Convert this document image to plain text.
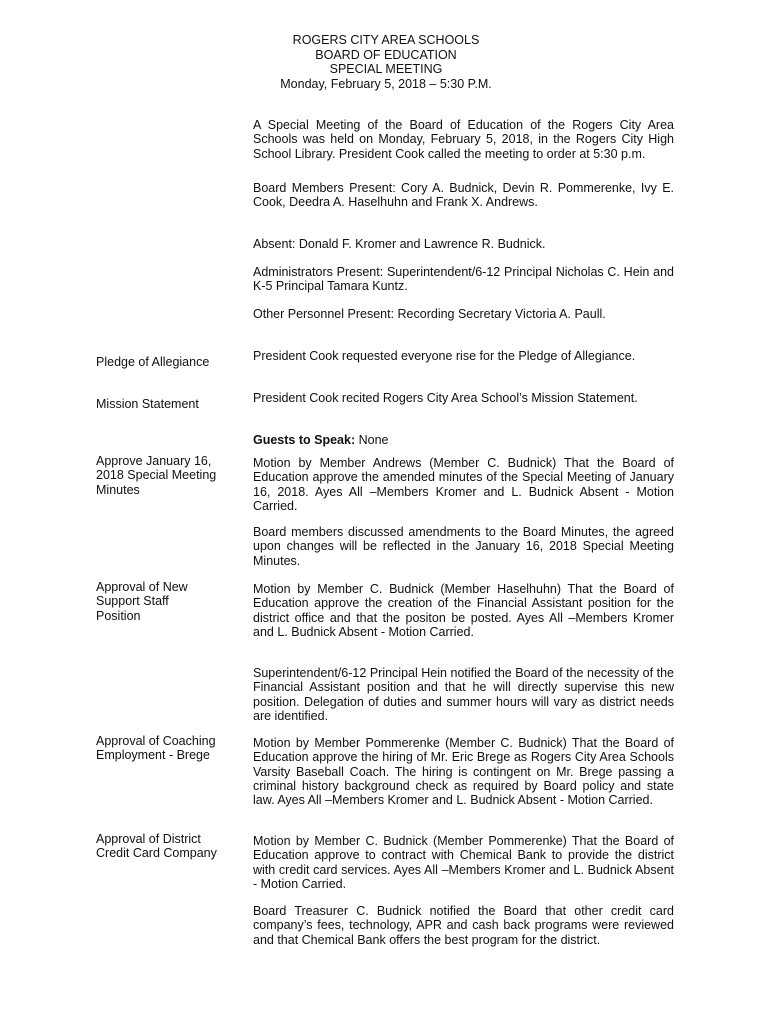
ROGERS CITY AREA SCHOOLS
BOARD OF EDUCATION
SPECIAL MEETING
Monday, February 5, 2018 – 5:30 P.M.
A Special Meeting of the Board of Education of the Rogers City Area Schools was held on Monday, February 5, 2018, in the Rogers City High School Library. President Cook called the meeting to order at 5:30 p.m.
Board Members Present: Cory A. Budnick, Devin R. Pommerenke, Ivy E. Cook, Deedra A. Haselhuhn and Frank X. Andrews.
Absent: Donald F. Kromer and Lawrence R. Budnick.
Administrators Present: Superintendent/6-12 Principal Nicholas C. Hein and K-5 Principal Tamara Kuntz.
Other Personnel Present: Recording Secretary Victoria A. Paull.
Pledge of Allegiance	President Cook requested everyone rise for the Pledge of Allegiance.
Mission Statement	President Cook recited Rogers City Area School’s Mission Statement.
Guests to Speak: None
Approve January 16, 2018 Special Meeting Minutes
Motion by Member Andrews (Member C. Budnick) That the Board of Education approve the amended minutes of the Special Meeting of January 16, 2018. Ayes All –Members Kromer and L. Budnick Absent - Motion Carried.
Board members discussed amendments to the Board Minutes, the agreed upon changes will be reflected in the January 16, 2018 Special Meeting Minutes.
Approval of New Support Staff Position
Motion by Member C. Budnick (Member Haselhuhn) That the Board of Education approve the creation of the Financial Assistant position for the district office and that the positon be posted. Ayes All –Members Kromer and L. Budnick Absent - Motion Carried.
Superintendent/6-12 Principal Hein notified the Board of the necessity of the Financial Assistant position and that he will directly supervise this new position. Delegation of duties and summer hours will vary as district needs are identified.
Approval of Coaching Employment - Brege
Motion by Member Pommerenke (Member C. Budnick) That the Board of Education approve the hiring of Mr. Eric Brege as Rogers City Area Schools Varsity Baseball Coach. The hiring is contingent on Mr. Brege passing a criminal history background check as required by Board policy and state law. Ayes All –Members Kromer and L. Budnick Absent - Motion Carried.
Approval of District Credit Card Company
Motion by Member C. Budnick (Member Pommerenke) That the Board of Education approve to contract with Chemical Bank to provide the district with credit card services. Ayes All –Members Kromer and L. Budnick Absent - Motion Carried.
Board Treasurer C. Budnick notified the Board that other credit card company’s fees, technology, APR and cash back programs were reviewed and that Chemical Bank offers the best program for the district.
